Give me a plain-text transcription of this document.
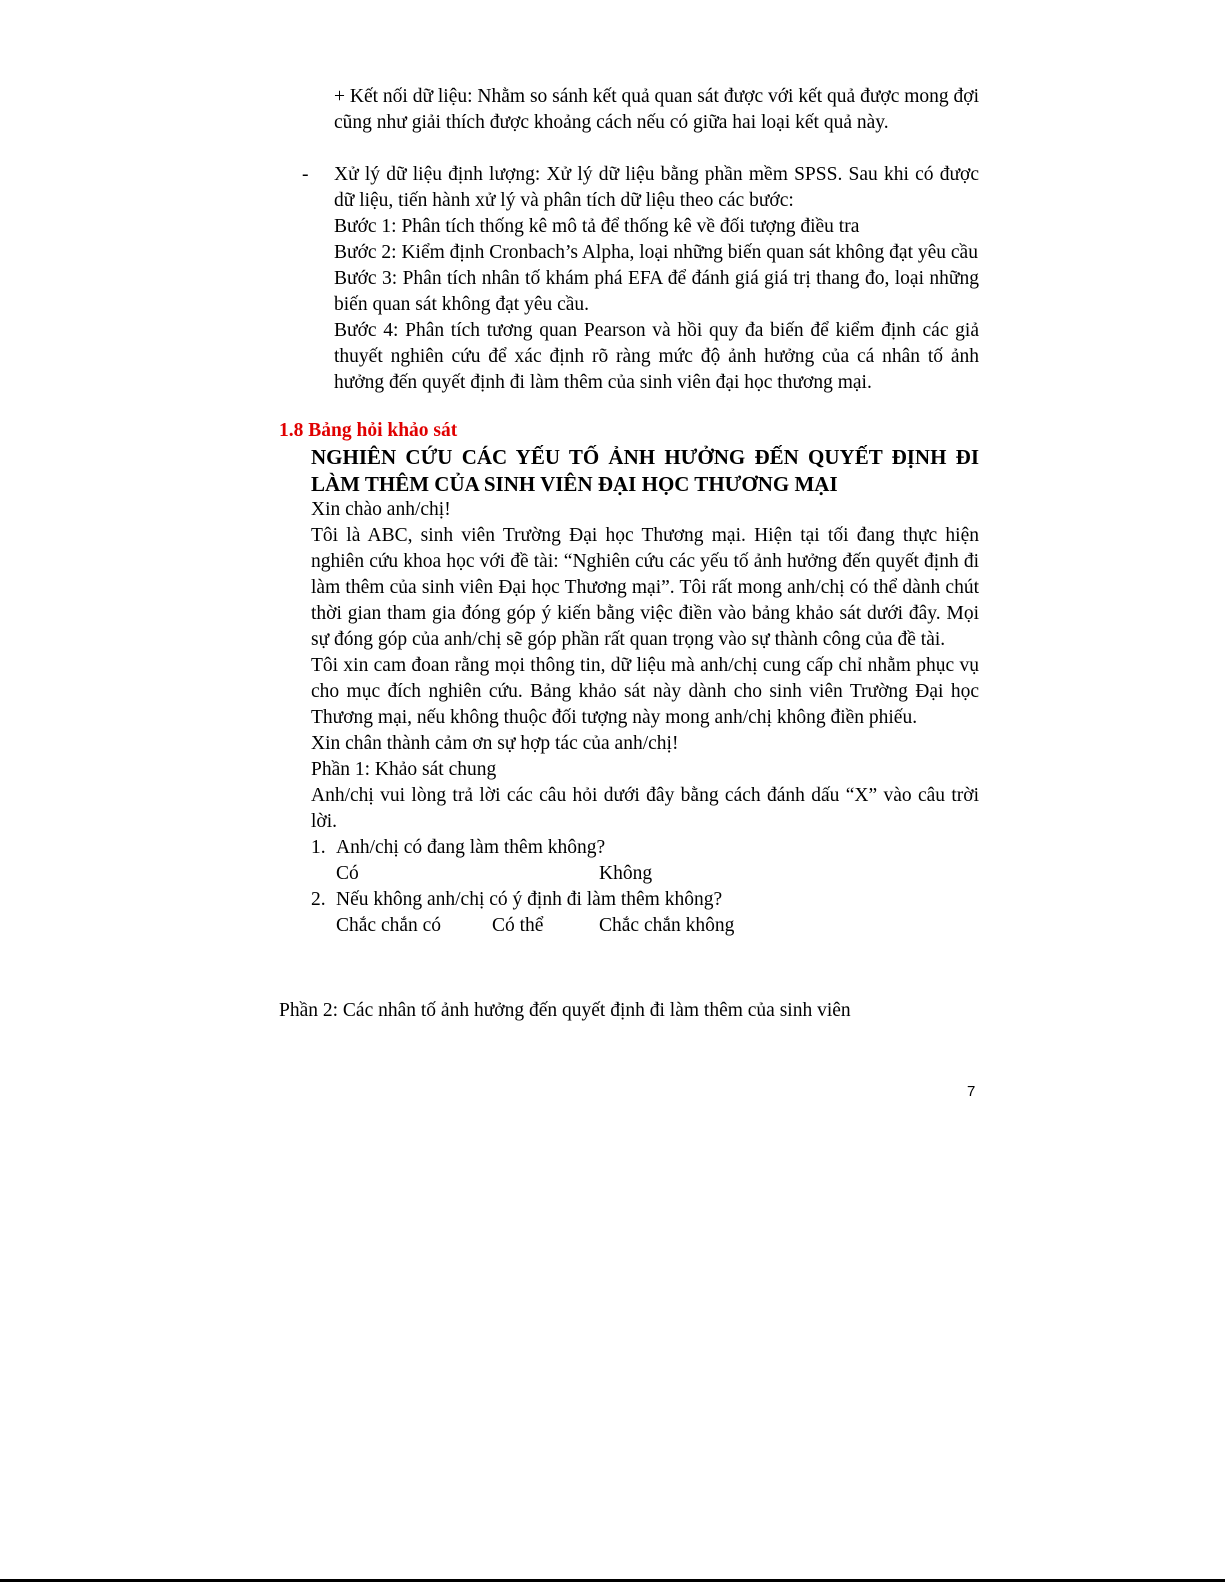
+ Kết nối dữ liệu: Nhằm so sánh kết quả quan sát được với kết quả được mong đợi cũng như giải thích được khoảng cách nếu có giữa hai loại kết quả này.

- Xử lý dữ liệu định lượng: Xử lý dữ liệu bằng phần mềm SPSS. Sau khi có được dữ liệu, tiến hành xử lý và phân tích dữ liệu theo các bước:

Bước 1: Phân tích thống kê mô tả để thống kê về đối tượng điều tra

Bước 2: Kiểm định Cronbach’s Alpha, loại những biến quan sát không đạt yêu cầu

Bước 3: Phân tích nhân tố khám phá EFA để đánh giá giá trị thang đo, loại những biến quan sát không đạt yêu cầu.

Bước 4: Phân tích tương quan Pearson và hồi quy đa biến để kiểm định các giả thuyết nghiên cứu để xác định rõ ràng mức độ ảnh hưởng của cá nhân tố ảnh hưởng đến quyết định đi làm thêm của sinh viên đại học thương mại.

1.8 Bảng hỏi khảo sát
NGHIÊN CỨU CÁC YẾU TỐ ẢNH HƯỞNG ĐẾN QUYẾT ĐỊNH ĐI LÀM THÊM CỦA SINH VIÊN ĐẠI HỌC THƯƠNG MẠI

Xin chào anh/chị!

Tôi là ABC, sinh viên Trường Đại học Thương mại. Hiện tại tối đang thực hiện nghiên cứu khoa học với đề tài: “Nghiên cứu các yếu tố ảnh hưởng đến quyết định đi làm thêm của sinh viên Đại học Thương mại”. Tôi rất mong anh/chị có thể dành chút thời gian tham gia đóng góp ý kiến bằng việc điền vào bảng khảo sát dưới đây. Mọi sự đóng góp của anh/chị sẽ góp phần rất quan trọng vào sự thành công của đề tài.

Tôi xin cam đoan rằng mọi thông tin, dữ liệu mà anh/chị cung cấp chỉ nhằm phục vụ cho mục đích nghiên cứu. Bảng khảo sát này dành cho sinh viên Trường Đại học Thương mại, nếu không thuộc đối tượng này mong anh/chị không điền phiếu.

Xin chân thành cảm ơn sự hợp tác của anh/chị!

Phần 1: Khảo sát chung

Anh/chị vui lòng trả lời các câu hỏi dưới đây bằng cách đánh dấu “X” vào câu trời lời.

1. Anh/chị có đang làm thêm không?
Có	Không
2. Nếu không anh/chị có ý định đi làm thêm không?
Chắc chắn có	Có thể	Chắc chắn không

Phần 2: Các nhân tố ảnh hưởng đến quyết định đi làm thêm của sinh viên

7
